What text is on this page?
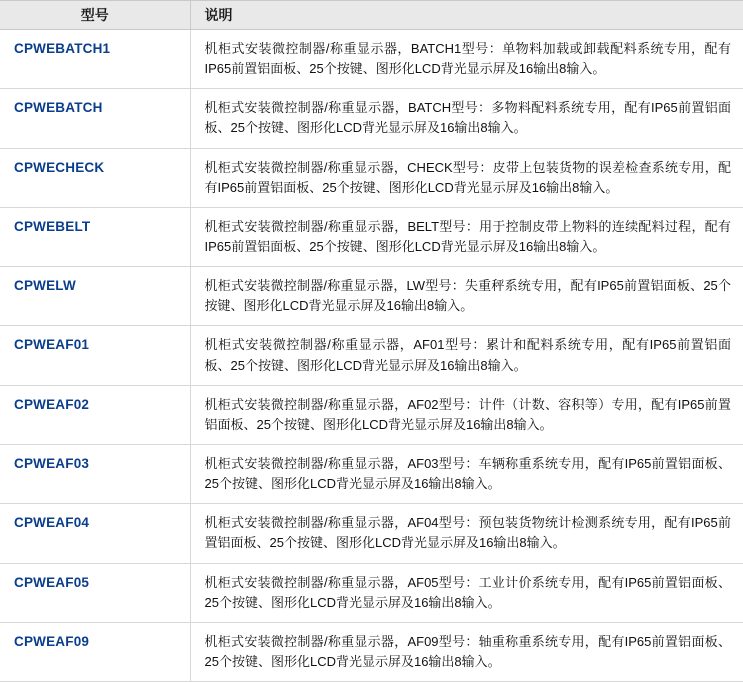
型号	说明
CPWEBATCH1	机柜式安装微控制器/称重显示器，BATCH1型号：单物料加载或卸载配料系统专用，配有IP65前置铝面板、25个按键、图形化LCD背光显示屏及16输出8输入。
CPWEBATCH	机柜式安装微控制器/称重显示器，BATCH型号：多物料配料系统专用，配有IP65前置铝面板、25个按键、图形化LCD背光显示屏及16输出8输入。
CPWECHECK	机柜式安装微控制器/称重显示器，CHECK型号：皮带上包装货物的误差检查系统专用，配有IP65前置铝面板、25个按键、图形化LCD背光显示屏及16输出8输入。
CPWEBELT	机柜式安装微控制器/称重显示器，BELT型号：用于控制皮带上物料的连续配料过程，配有IP65前置铝面板、25个按键、图形化LCD背光显示屏及16输出8输入。
CPWELW	机柜式安装微控制器/称重显示器，LW型号：失重秤系统专用，配有IP65前置铝面板、25个按键、图形化LCD背光显示屏及16输出8输入。
CPWEAF01	机柜式安装微控制器/称重显示器，AF01型号：累计和配料系统专用，配有IP65前置铝面板、25个按键、图形化LCD背光显示屏及16输出8输入。
CPWEAF02	机柜式安装微控制器/称重显示器，AF02型号：计件（计数、容积等）专用，配有IP65前置铝面板、25个按键、图形化LCD背光显示屏及16输出8输入。
CPWEAF03	机柜式安装微控制器/称重显示器，AF03型号：车辆称重系统专用，配有IP65前置铝面板、25个按键、图形化LCD背光显示屏及16输出8输入。
CPWEAF04	机柜式安装微控制器/称重显示器，AF04型号：预包装货物统计检测系统专用，配有IP65前置铝面板、25个按键、图形化LCD背光显示屏及16输出8输入。
CPWEAF05	机柜式安装微控制器/称重显示器，AF05型号：工业计价系统专用，配有IP65前置铝面板、25个按键、图形化LCD背光显示屏及16输出8输入。
CPWEAF09	机柜式安装微控制器/称重显示器，AF09型号：轴重称重系统专用，配有IP65前置铝面板、25个按键、图形化LCD背光显示屏及16输出8输入。
